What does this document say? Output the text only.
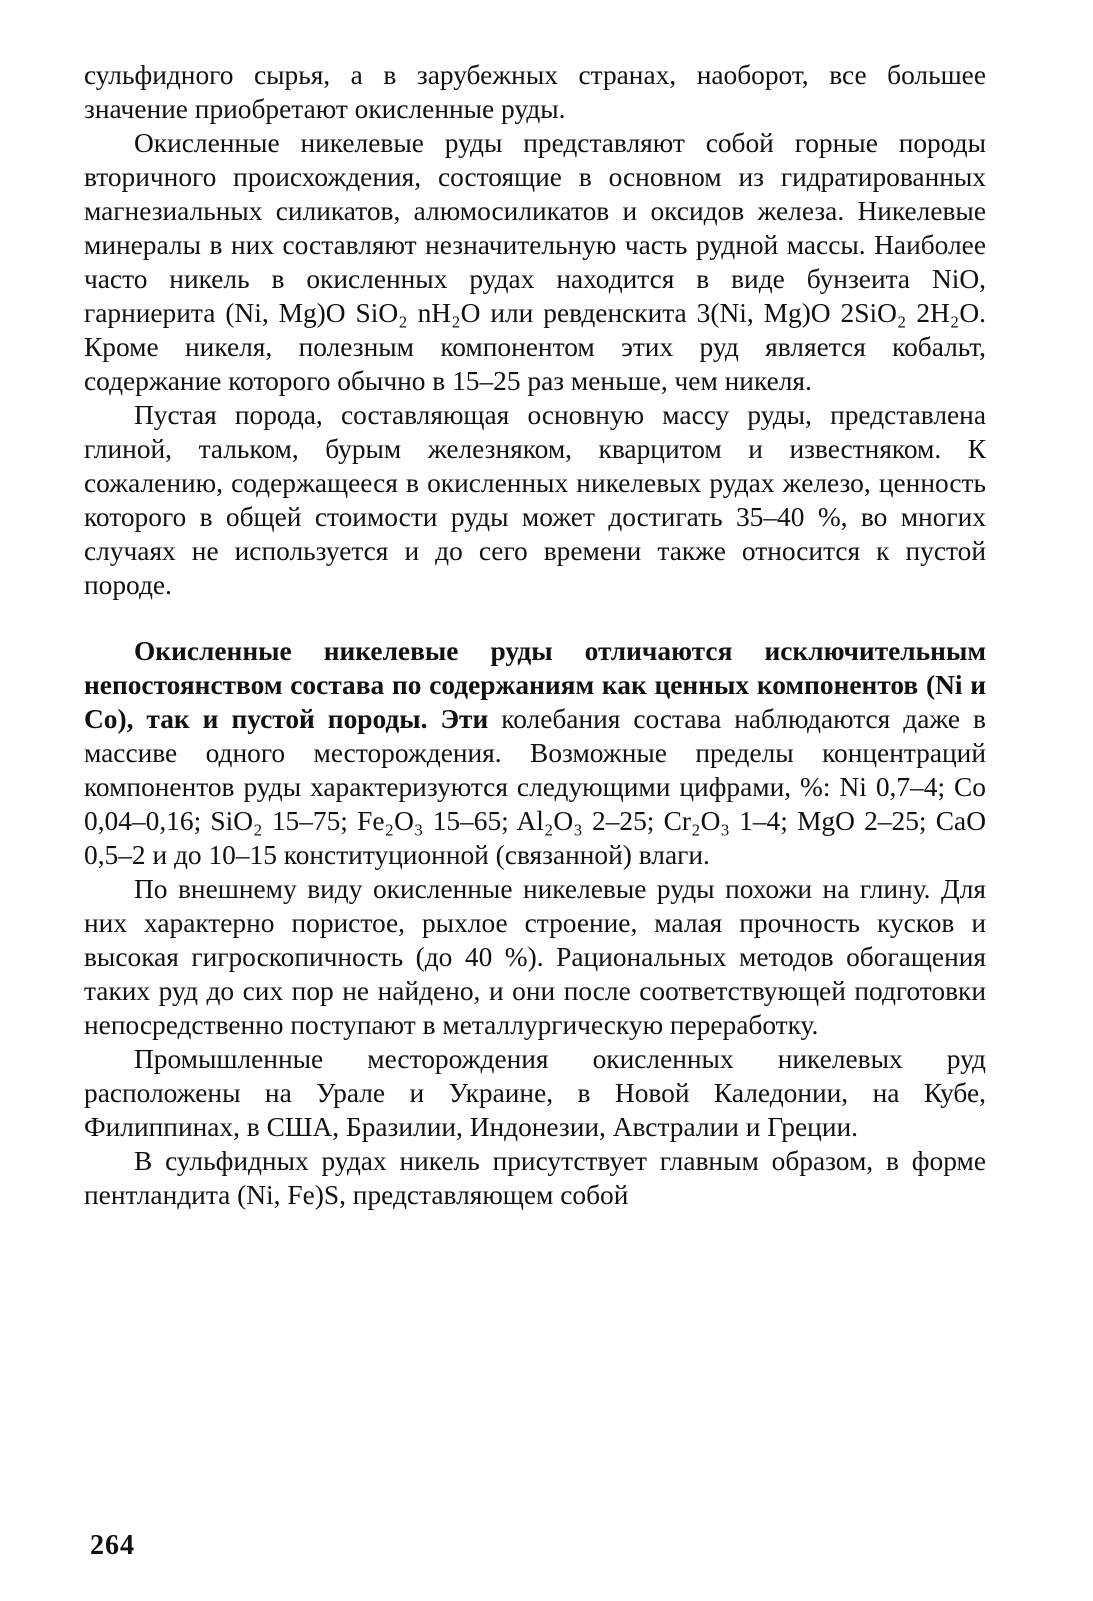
сульфидного сырья, а в зарубежных странах, наоборот, все большее значение приобретают окисленные руды.

Окисленные никелевые руды представляют собой горные породы вторичного происхождения, состоящие в основном из гидратированных магнезиальных силикатов, алюмосиликатов и оксидов железа. Никелевые минералы в них составляют незначительную часть рудной массы. Наиболее часто никель в окисленных рудах находится в виде бунзеита NiO, гарниерита (Ni, Mg)O SiO₂ nH₂O или ревденскита 3(Ni, Mg)O 2SiO₂ 2H₂O. Кроме никеля, полезным компонентом этих руд является кобальт, содержание которого обычно в 15–25 раз меньше, чем никеля.

Пустая порода, составляющая основную массу руды, представлена глиной, тальком, бурым железняком, кварцитом и известняком. К сожалению, содержащееся в окисленных никелевых рудах железо, ценность которого в общей стоимости руды может достигать 35–40 %, во многих случаях не используется и до сего времени также относится к пустой породе.

Окисленные никелевые руды отличаются исключительным непостоянством состава по содержаниям как ценных компонентов (Ni и Co), так и пустой породы. Эти колебания состава наблюдаются даже в массиве одного месторождения. Возможные пределы концентраций компонентов руды характеризуются следующими цифрами, %: Ni 0,7–4; Co 0,04–0,16; SiO₂ 15–75; Fe₂O₃ 15–65; Al₂O₃ 2–25; Cr₂O₃ 1–4; MgO 2–25; CaO 0,5–2 и до 10–15 конституционной (связанной) влаги.

По внешнему виду окисленные никелевые руды похожи на глину. Для них характерно пористое, рыхлое строение, малая прочность кусков и высокая гигроскопичность (до 40 %). Рациональных методов обогащения таких руд до сих пор не найдено, и они после соответствующей подготовки непосредственно поступают в металлургическую переработку.

Промышленные месторождения окисленных никелевых руд расположены на Урале и Украине, в Новой Каледонии, на Кубе, Филиппинах, в США, Бразилии, Индонезии, Австралии и Греции.

В сульфидных рудах никель присутствует главным образом, в форме пентландита (Ni, Fe)S, представляющем собой

264
